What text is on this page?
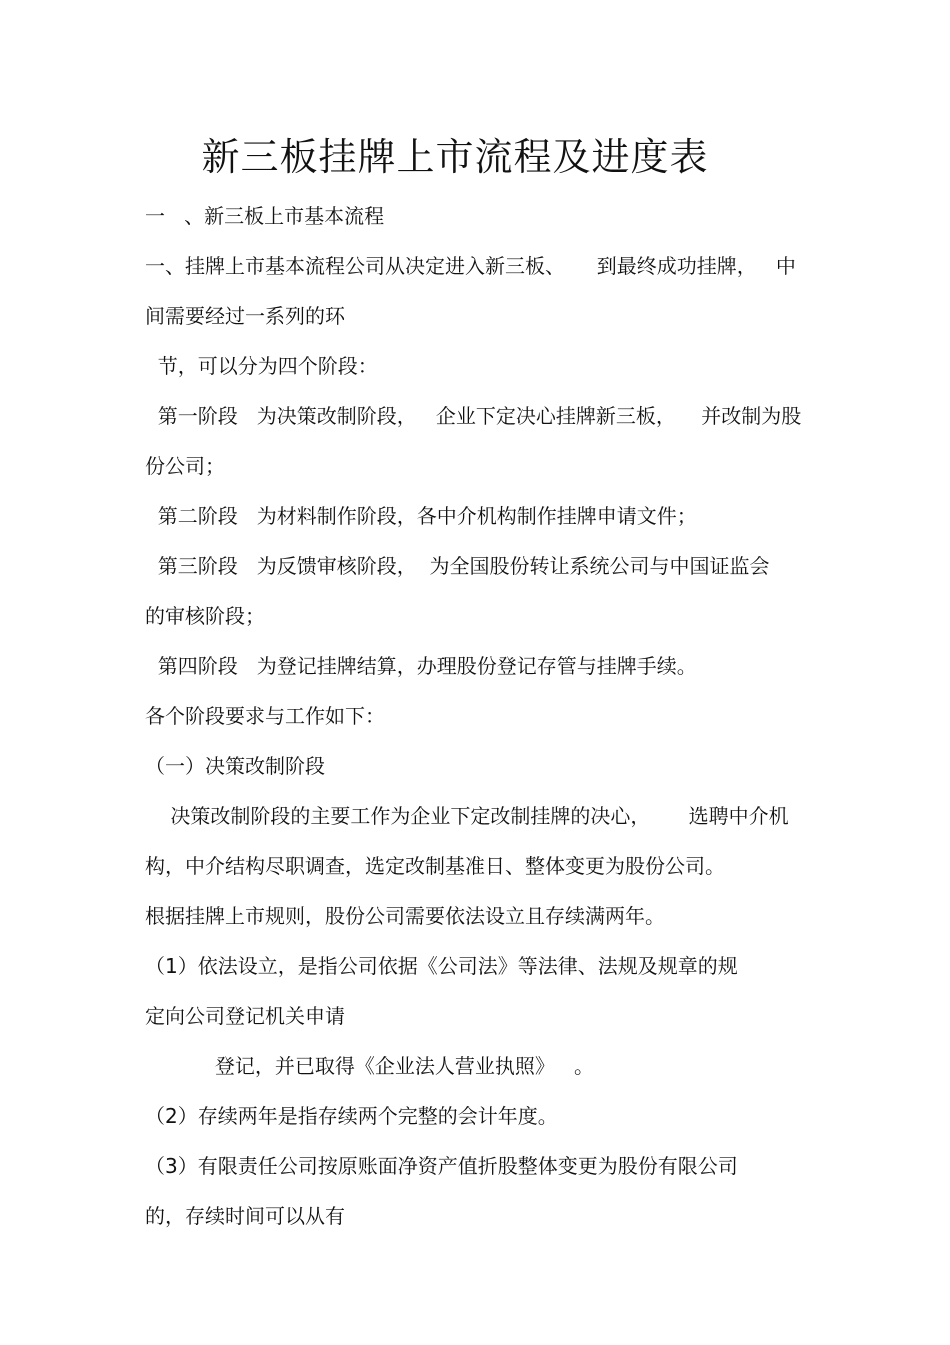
新三板挂牌上市流程及进度表

一   、新三板上市基本流程

一、挂牌上市基本流程公司从决定进入新三板、     到最终成功挂牌，   中

间需要经过一系列的环

节，可以分为四个阶段：

第一阶段   为决策改制阶段，   企业下定决心挂牌新三板，    并改制为股

份公司；

第二阶段   为材料制作阶段，各中介机构制作挂牌申请文件；

第三阶段   为反馈审核阶段，  为全国股份转让系统公司与中国证监会

的审核阶段；

第四阶段   为登记挂牌结算，办理股份登记存管与挂牌手续。

各个阶段要求与工作如下：

（一）决策改制阶段

决策改制阶段的主要工作为企业下定改制挂牌的决心，      选聘中介机

构，中介结构尽职调查，选定改制基准日、整体变更为股份公司。

根据挂牌上市规则，股份公司需要依法设立且存续满两年。

（1）依法设立，是指公司依据《公司法》等法律、法规及规章的规

定向公司登记机关申请

登记，并已取得《企业法人营业执照》   。

（2）存续两年是指存续两个完整的会计年度。

（3）有限责任公司按原账面净资产值折股整体变更为股份有限公司

的，存续时间可以从有
